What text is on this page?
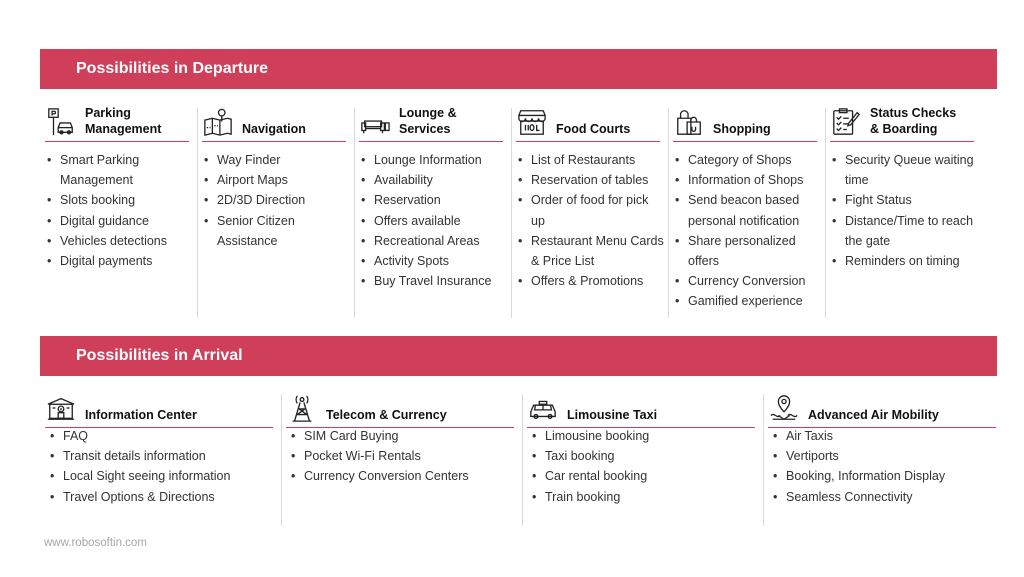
Possibilities in Departure
Parking
Management
• Smart Parking Management
• Slots booking
• Digital guidance
• Vehicles detections
• Digital payments
Navigation
• Way Finder
• Airport Maps
• 2D/3D Direction
• Senior Citizen Assistance
Lounge &
Services
• Lounge Information
• Availability
• Reservation
• Offers available
• Recreational Areas
• Activity Spots
• Buy Travel Insurance
Food Courts
• List of Restaurants
• Reservation of tables
• Order of food for pick up
• Restaurant Menu Cards & Price List
• Offers & Promotions
Shopping
• Category of Shops
• Information of Shops
• Send beacon based personal notification
• Share personalized offers
• Currency Conversion
• Gamified experience
Status Checks
& Boarding
• Security Queue waiting time
• Fight Status
• Distance/Time to reach the gate
• Reminders on timing
Possibilities in Arrival
Information Center
• FAQ
• Transit details information
• Local Sight seeing information
• Travel Options & Directions
Telecom & Currency
• SIM Card Buying
• Pocket Wi-Fi Rentals
• Currency Conversion Centers
Limousine Taxi
• Limousine booking
• Taxi booking
• Car rental booking
• Train booking
Advanced Air Mobility
• Air Taxis
• Vertiports
• Booking, Information Display
• Seamless Connectivity
www.robosoftin.com
